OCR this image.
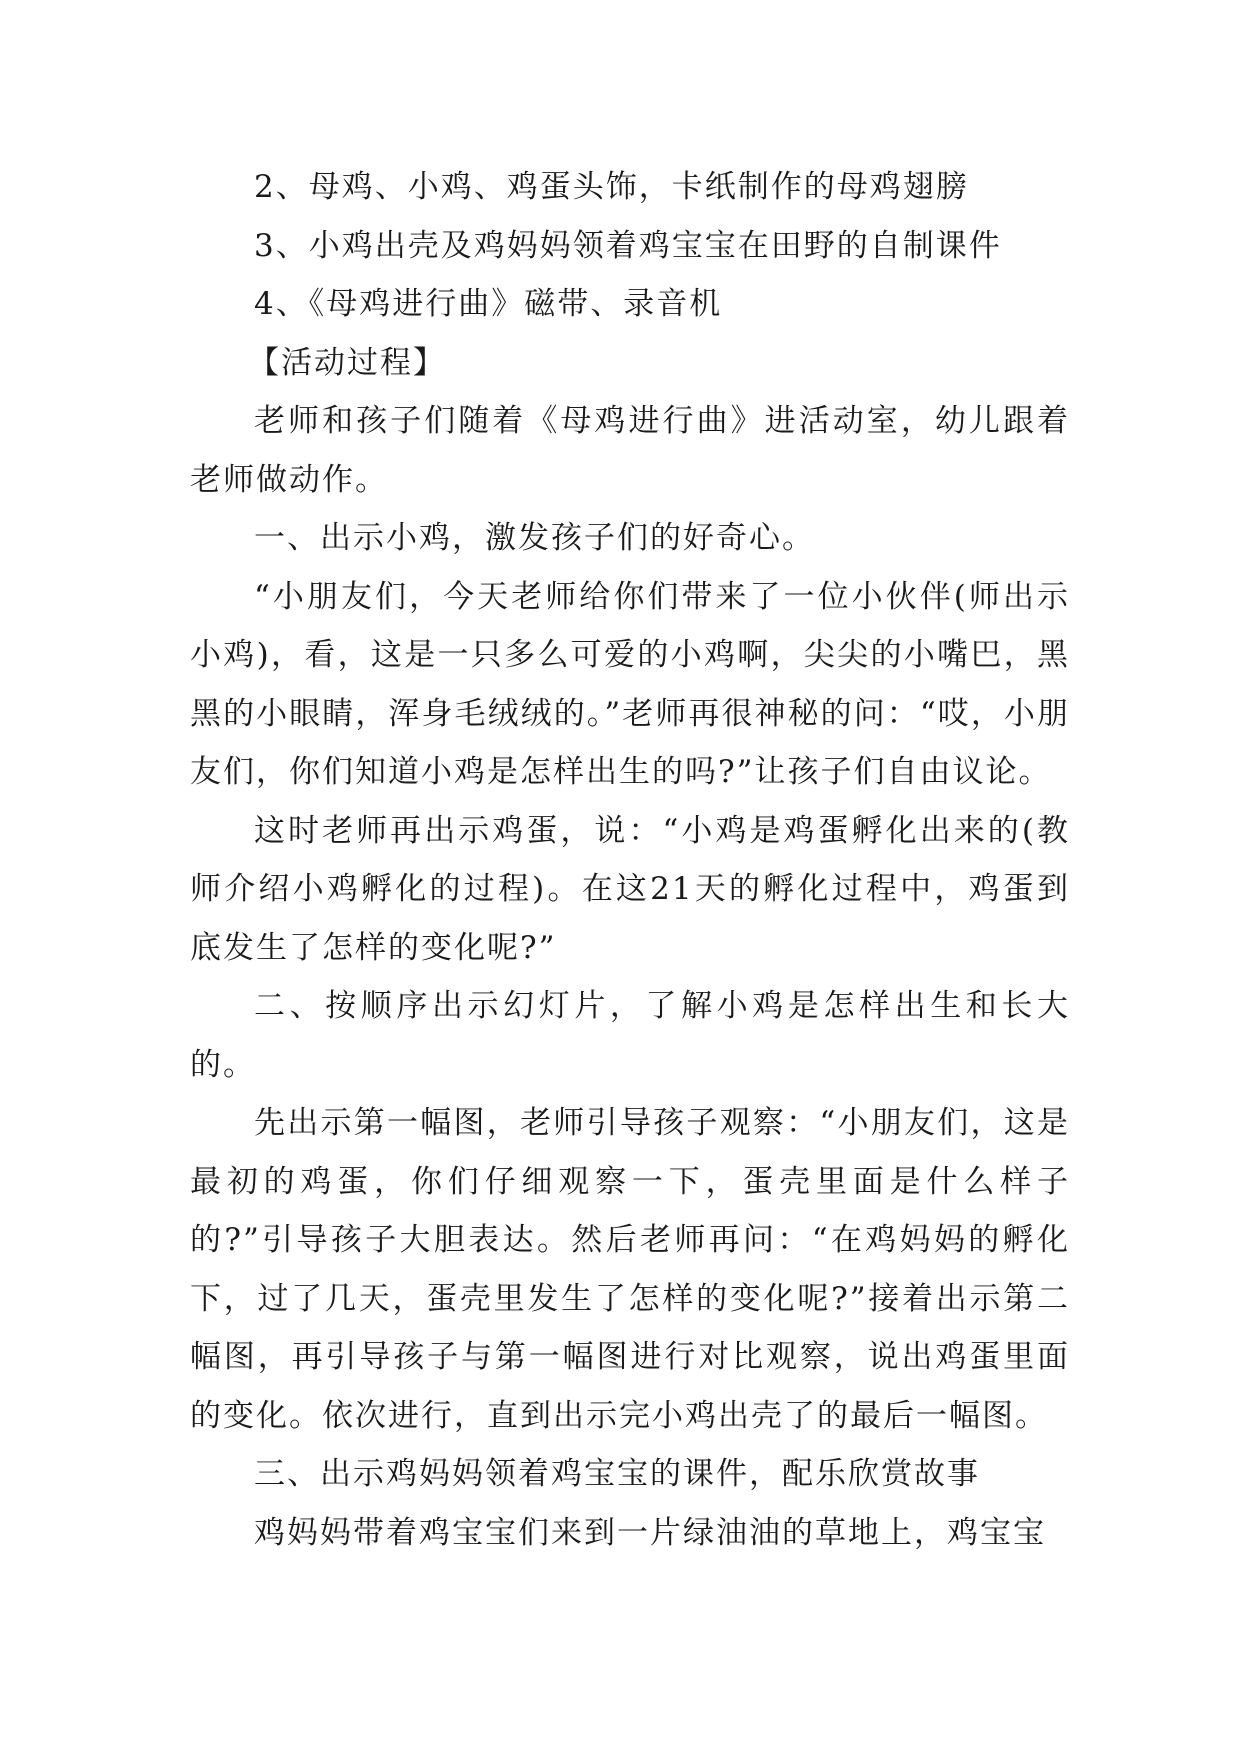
2、母鸡、小鸡、鸡蛋头饰，卡纸制作的母鸡翅膀

3、小鸡出壳及鸡妈妈领着鸡宝宝在田野的自制课件

4、《母鸡进行曲》磁带、录音机

【活动过程】

老师和孩子们随着《母鸡进行曲》进活动室，幼儿跟着老师做动作。

一、出示小鸡，激发孩子们的好奇心。

“小朋友们，今天老师给你们带来了一位小伙伴(师出示小鸡)，看，这是一只多么可爱的小鸡啊，尖尖的小嘴巴，黑黑的小眼睛，浑身毛绒绒的。”老师再很神秘的问：“哎，小朋友们，你们知道小鸡是怎样出生的吗?”让孩子们自由议论。

这时老师再出示鸡蛋，说：“小鸡是鸡蛋孵化出来的(教师介绍小鸡孵化的过程)。在这21天的孵化过程中，鸡蛋到底发生了怎样的变化呢?”

二、按顺序出示幻灯片，了解小鸡是怎样出生和长大的。

先出示第一幅图，老师引导孩子观察：“小朋友们，这是最初的鸡蛋，你们仔细观察一下，蛋壳里面是什么样子的?”引导孩子大胆表达。然后老师再问：“在鸡妈妈的孵化下，过了几天，蛋壳里发生了怎样的变化呢?”接着出示第二幅图，再引导孩子与第一幅图进行对比观察，说出鸡蛋里面的变化。依次进行，直到出示完小鸡出壳了的最后一幅图。

三、出示鸡妈妈领着鸡宝宝的课件，配乐欣赏故事

鸡妈妈带着鸡宝宝们来到一片绿油油的草地上，鸡宝宝
